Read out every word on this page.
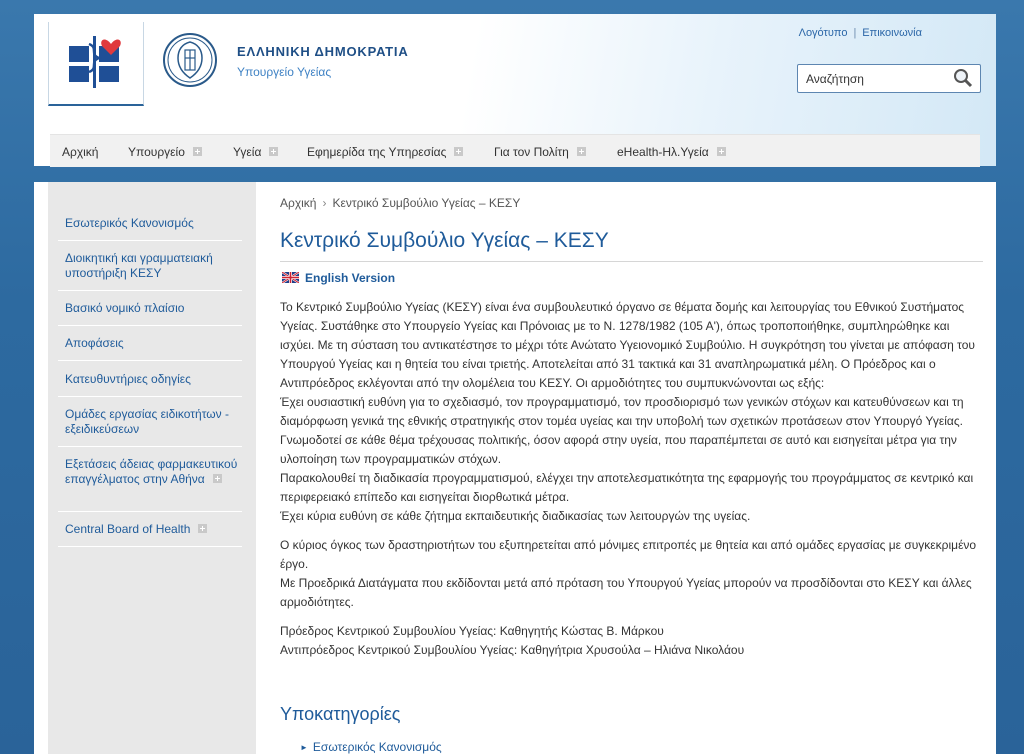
ΕΛΛΗΝΙΚΗ ΔΗΜΟΚΡΑΤΙΑ
Υπουργείο Υγείας
Λογότυπο | Επικοινωνία
Αναζήτηση
Αρχική Υπουργείο	Υγεία	Εφημερίδα της Υπηρεσίας	Για τον Πολίτη	eHealth-Ηλ.Υγεία
Εσωτερικός Κανονισμός
Διοικητική και γραμματειακή υποστήριξη ΚΕΣΥ
Βασικό νομικό πλαίσιο
Αποφάσεις
Κατευθυντήριες οδηγίες
Ομάδες εργασίας ειδικοτήτων - εξειδικεύσεων
Εξετάσεις άδειας φαρμακευτικού επαγγέλματος στην Αθήνα
Central Board of Health
Αρχική › Κεντρικό Συμβούλιο Υγείας – ΚΕΣΥ
Κεντρικό Συμβούλιο Υγείας – ΚΕΣΥ
English Version
Το Κεντρικό Συμβούλιο Υγείας (ΚΕΣΥ) είναι ένα συμβουλευτικό όργανο σε θέματα δομής και λειτουργίας του Εθνικού Συστήματος Υγείας. Συστάθηκε στο Υπουργείο Υγείας και Πρόνοιας με το Ν. 1278/1982 (105 Α'), όπως τροποποιήθηκε, συμπληρώθηκε και ισχύει. Με τη σύσταση του αντικατέστησε το μέχρι τότε Ανώτατο Υγειονομικό Συμβούλιο. Η συγκρότηση του γίνεται με απόφαση του Υπουργού Υγείας και η θητεία του είναι τριετής. Αποτελείται από 31 τακτικά και 31 αναπληρωματικά μέλη. Ο Πρόεδρος και ο Αντιπρόεδρος εκλέγονται από την ολομέλεια του ΚΕΣΥ. Οι αρμοδιότητες του συμπυκνώνονται ως εξής:
Έχει ουσιαστική ευθύνη για το σχεδιασμό, τον προγραμματισμό, τον προσδιορισμό των γενικών στόχων και κατευθύνσεων και τη διαμόρφωση γενικά της εθνικής στρατηγικής στον τομέα υγείας και την υποβολή των σχετικών προτάσεων στον Υπουργό Υγείας.
Γνωμοδοτεί σε κάθε θέμα τρέχουσας πολιτικής, όσον αφορά στην υγεία, που παραπέμπεται σε αυτό και εισηγείται μέτρα για την υλοποίηση των προγραμματικών στόχων.
Παρακολουθεί τη διαδικασία προγραμματισμού, ελέγχει την αποτελεσματικότητα της εφαρμογής του προγράμματος σε κεντρικό και περιφερειακό επίπεδο και εισηγείται διορθωτικά μέτρα.
Έχει κύρια ευθύνη σε κάθε ζήτημα εκπαιδευτικής διαδικασίας των λειτουργών της υγείας.
Ο κύριος όγκος των δραστηριοτήτων του εξυπηρετείται από μόνιμες επιτροπές με θητεία και από ομάδες εργασίας με συγκεκριμένο έργο.
Με Προεδρικά Διατάγματα που εκδίδονται μετά από πρόταση του Υπουργού Υγείας μπορούν να προσδίδονται στο ΚΕΣΥ και άλλες αρμοδιότητες.
Πρόεδρος Κεντρικού Συμβουλίου Υγείας: Καθηγητής Κώστας Β. Μάρκου
Αντιπρόεδρος Κεντρικού Συμβουλίου Υγείας: Καθηγήτρια Χρυσούλα – Ηλιάνα Νικολάου
Υποκατηγορίες
► Εσωτερικός Κανονισμός
